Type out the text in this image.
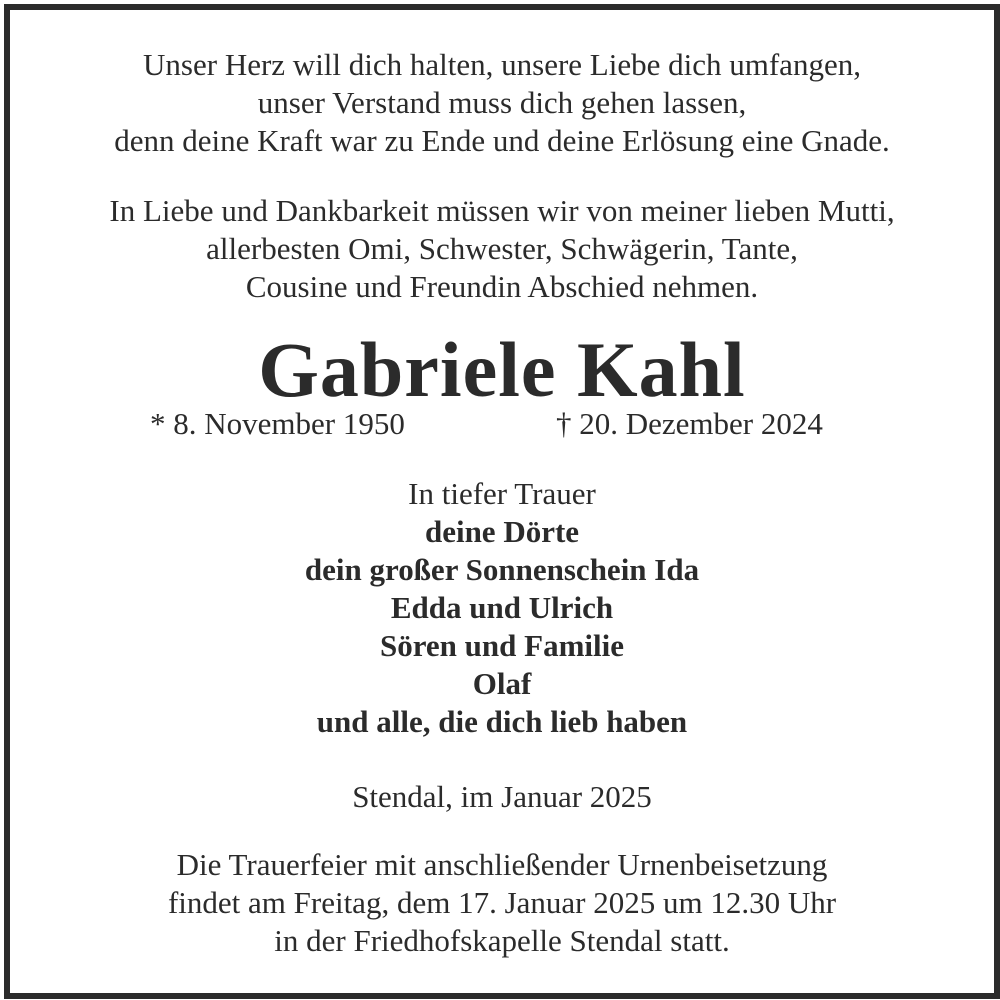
Unser Herz will dich halten, unsere Liebe dich umfangen,
unser Verstand muss dich gehen lassen,
denn deine Kraft war zu Ende und deine Erlösung eine Gnade.
In Liebe und Dankbarkeit müssen wir von meiner lieben Mutti,
allerbesten Omi, Schwester, Schwägerin, Tante,
Cousine und Freundin Abschied nehmen.
Gabriele Kahl
* 8. November 1950	† 20. Dezember 2024
In tiefer Trauer
deine Dörte
dein großer Sonnenschein Ida
Edda und Ulrich
Sören und Familie
Olaf
und alle, die dich lieb haben
Stendal, im Januar 2025
Die Trauerfeier mit anschließender Urnenbeisetzung
findet am Freitag, dem 17. Januar 2025 um 12.30 Uhr
in der Friedhofskapelle Stendal statt.
